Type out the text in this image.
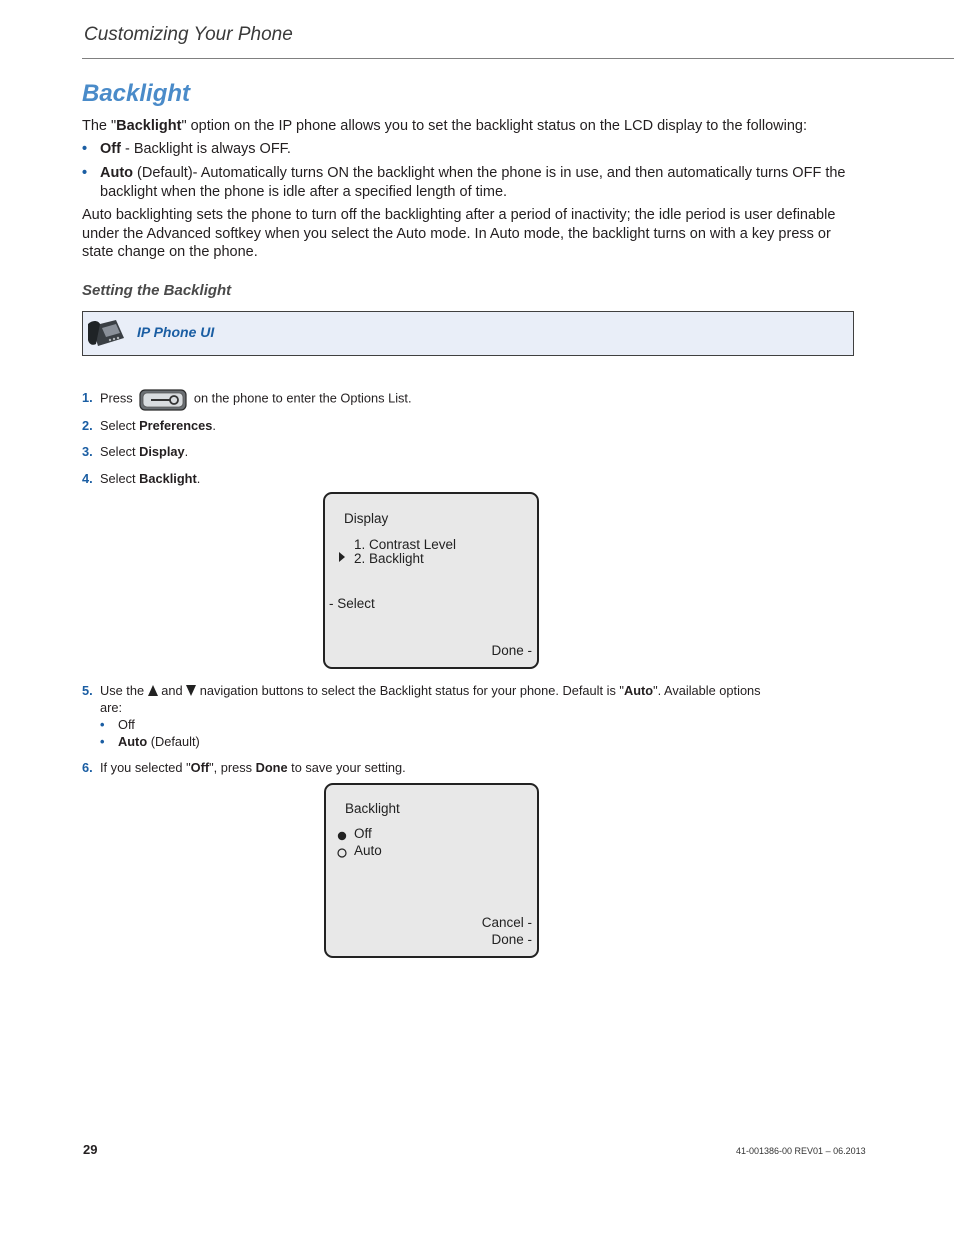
Customizing Your Phone
Backlight
The "Backlight" option on the IP phone allows you to set the backlight status on the LCD display to the following:
• Off - Backlight is always OFF.
• Auto (Default)- Automatically turns ON the backlight when the phone is in use, and then automatically turns OFF the backlight when the phone is idle after a specified length of time.
Auto backlighting sets the phone to turn off the backlighting after a period of inactivity; the idle period is user definable under the Advanced softkey when you select the Auto mode. In Auto mode, the backlight turns on with a key press or state change on the phone.
Setting the Backlight
IP Phone UI
1. Press	on the phone to enter the Options List.
2. Select Preferences.
3. Select Display.
4. Select Backlight.
Display
1. Contrast Level
2. Backlight
- Select
Done -
5. Use the and navigation buttons to select the Backlight status for your phone. Default is "Auto". Available options
are:
• Off
• Auto (Default)
6. If you selected "Off", press Done to save your setting.
Backlight
Off
Auto
Cancel -
Done -
29	41-001386-00 REV01 – 06.2013
